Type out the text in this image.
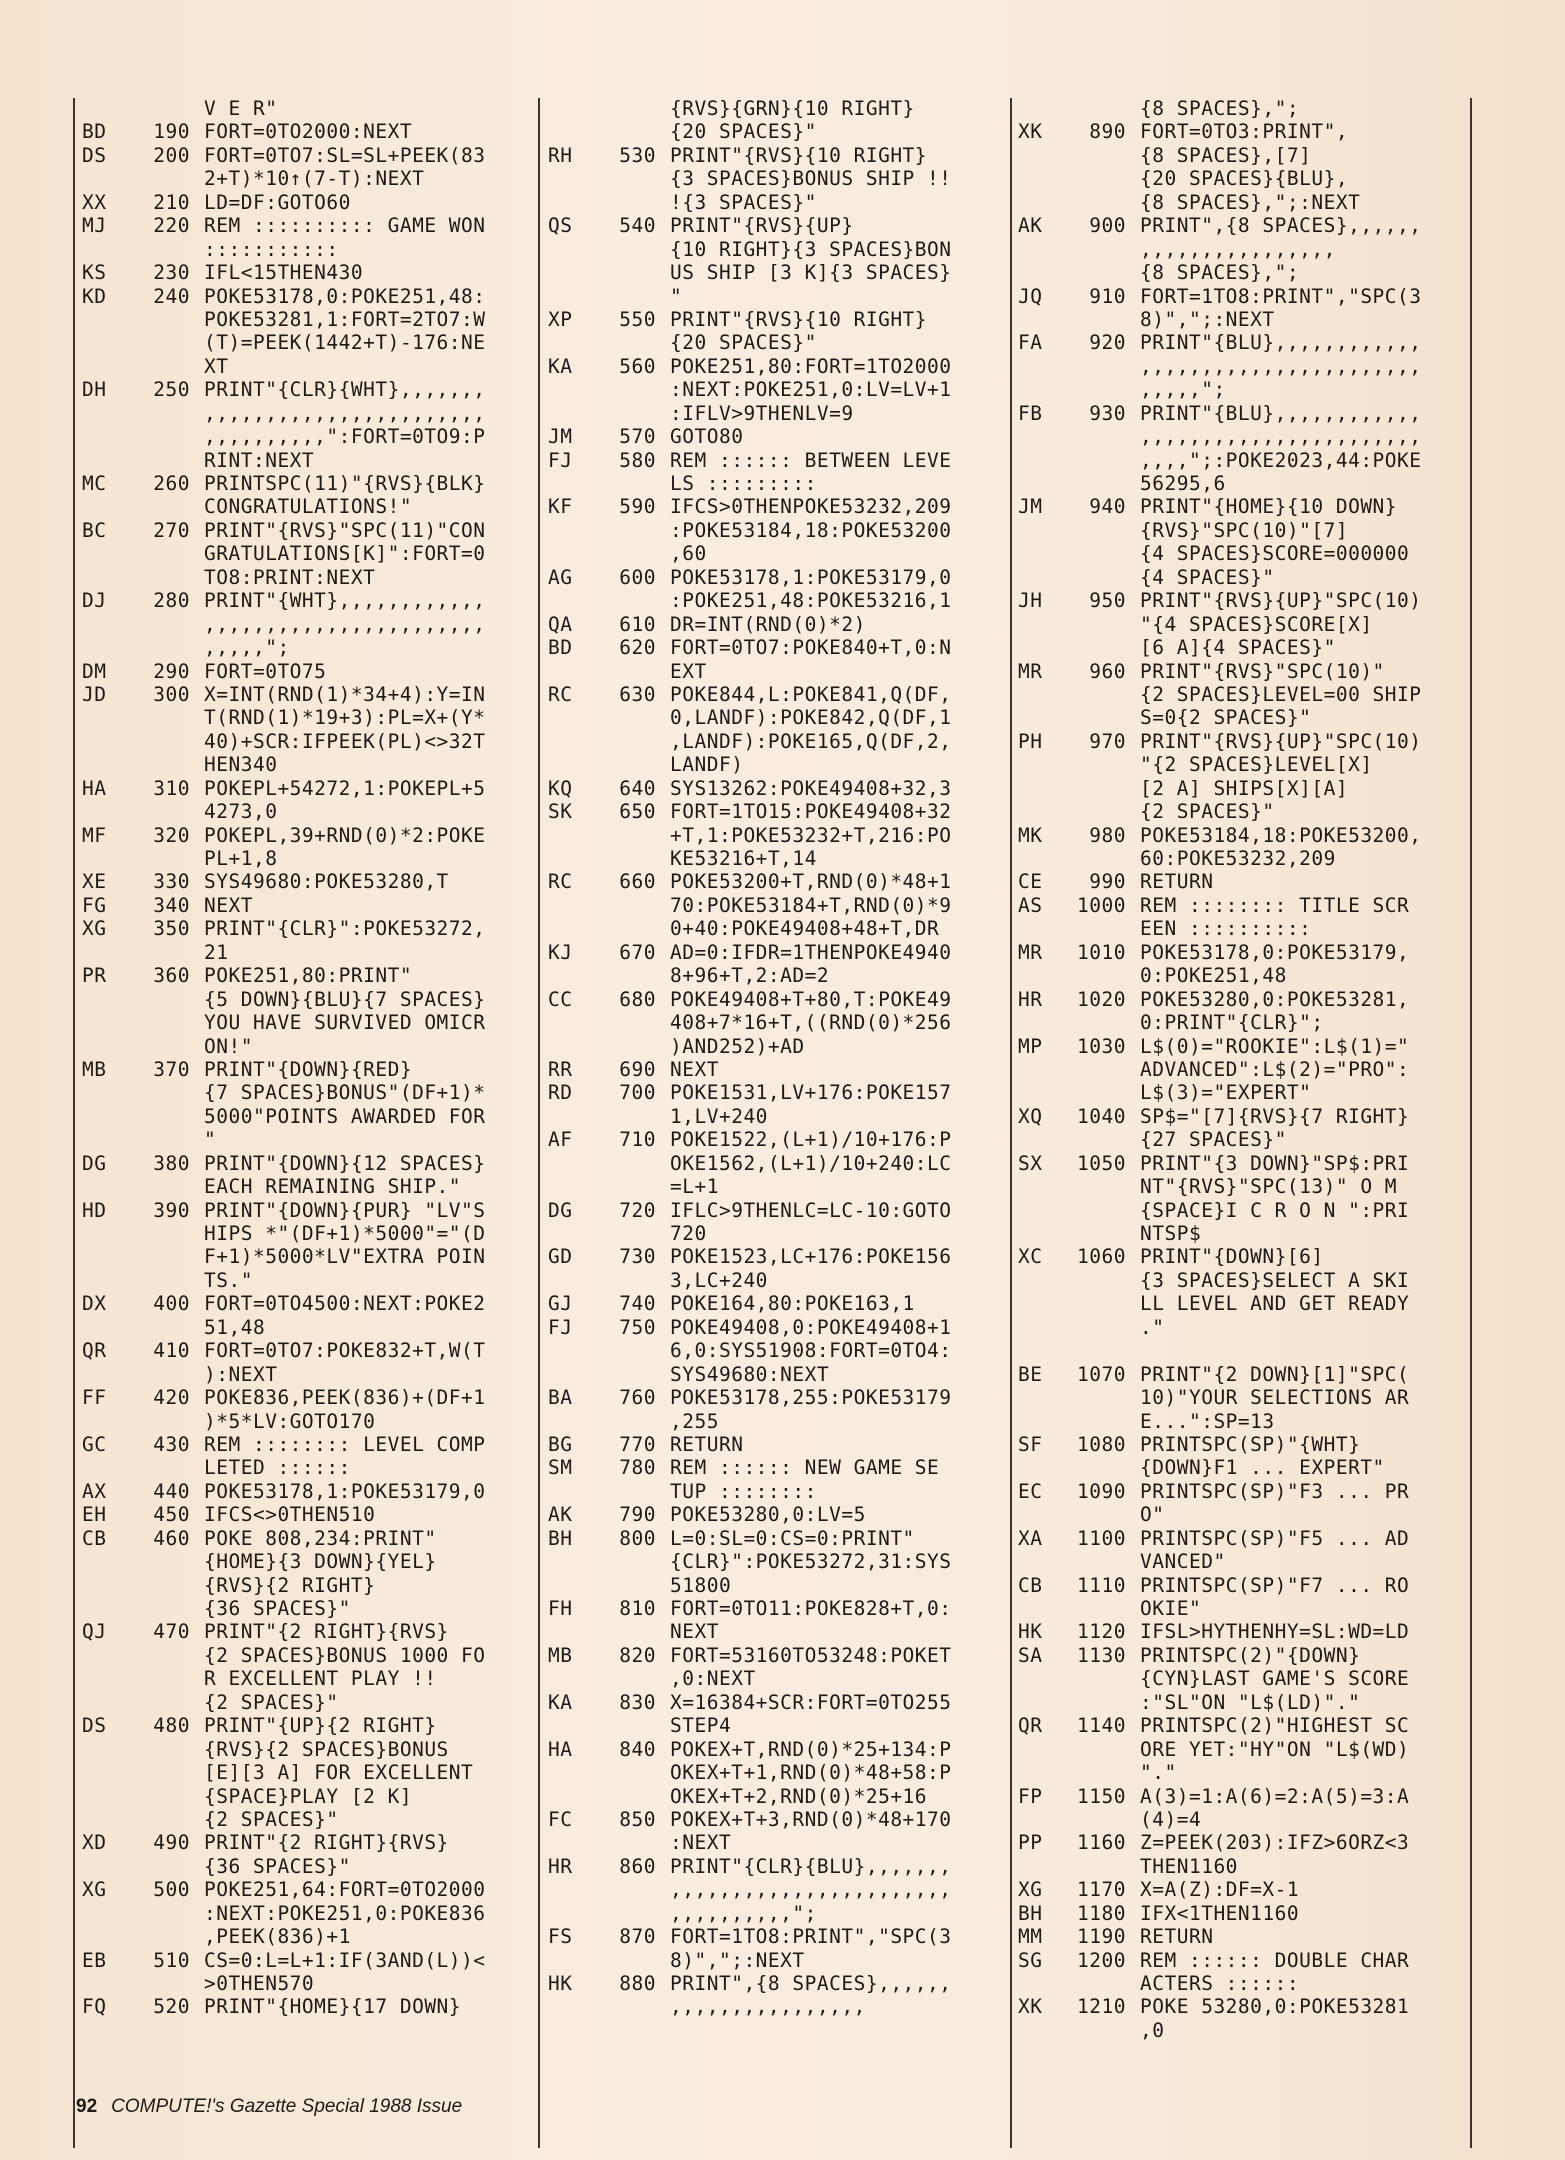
V E R"
BD	190 FORT=0TO2000:NEXT
DS	200 FORT=0TO7:SL=SL+PEEK(83
2+T)*10↑(7-T):NEXT
XX	210 LD=DF:GOTO60
MJ	220 REM :::::::::: GAME WON
:::::::::::
KS	230 IFL<15THEN430
KD	240 POKE53178,0:POKE251,48:
POKE53281,1:FORT=2TO7:W
(T)=PEEK(1442+T)-176:NE
XT
DH	250 PRINT"{CLR}{WHT},,,,,,,
,,,,,,,,,,,,,,,,,,,,,,,
,,,,,,,,,,":FORT=0TO9:P
RINT:NEXT
MC	260 PRINTSPC(11)"{RVS}{BLK}
CONGRATULATIONS!"
BC	270 PRINT"{RVS}"SPC(11)"CON
GRATULATIONS[K]":FORT=0
TO8:PRINT:NEXT
DJ	280 PRINT"{WHT},,,,,,,,,,,,
,,,,,,,,,,,,,,,,,,,,,,,
,,,,,";
DM	290 FORT=0TO75
JD	300 X=INT(RND(1)*34+4):Y=IN
T(RND(1)*19+3):PL=X+(Y*
40)+SCR:IFPEEK(PL)<>32T
HEN340
HA	310 POKEPL+54272,1:POKEPL+5
4273,0
MF	320 POKEPL,39+RND(0)*2:POKE
PL+1,8
XE	330 SYS49680:POKE53280,T
FG	340 NEXT
XG	350 PRINT"{CLR}":POKE53272,
21
PR	360 POKE251,80:PRINT"
{5 DOWN}{BLU}{7 SPACES}
YOU HAVE SURVIVED OMICR
ON!"
MB	370 PRINT"{DOWN}{RED}
{7 SPACES}BONUS"(DF+1)*
5000"POINTS AWARDED FOR
"
DG	380 PRINT"{DOWN}{12 SPACES}
EACH REMAINING SHIP."
HD	390 PRINT"{DOWN}{PUR} "LV"S
HIPS *"(DF+1)*5000"="(D
F+1)*5000*LV"EXTRA POIN
TS."
DX	400 FORT=0TO4500:NEXT:POKE2
51,48
QR	410 FORT=0TO7:POKE832+T,W(T
):NEXT
FF	420 POKE836,PEEK(836)+(DF+1
)*5*LV:GOTO170
GC	430 REM :::::::: LEVEL COMP
LETED ::::::
AX	440 POKE53178,1:POKE53179,0
EH	450 IFCS<>0THEN510
CB	460 POKE 808,234:PRINT"
{HOME}{3 DOWN}{YEL}
{RVS}{2 RIGHT}
{36 SPACES}"
QJ	470 PRINT"{2 RIGHT}{RVS}
{2 SPACES}BONUS 1000 FO
R EXCELLENT PLAY !!
{2 SPACES}"
DS	480 PRINT"{UP}{2 RIGHT}
{RVS}{2 SPACES}BONUS
[E][3 A] FOR EXCELLENT
{SPACE}PLAY [2 K]
{2 SPACES}"
XD	490 PRINT"{2 RIGHT}{RVS}
{36 SPACES}"
XG	500 POKE251,64:FORT=0TO2000
:NEXT:POKE251,0:POKE836
,PEEK(836)+1
EB	510 CS=0:L=L+1:IF(3AND(L))<
>0THEN570
FQ	520 PRINT"{HOME}{17 DOWN}
{RVS}{GRN}{10 RIGHT}
{20 SPACES}"
RH	530 PRINT"{RVS}{10 RIGHT}
{3 SPACES}BONUS SHIP !!
!{3 SPACES}"
QS	540 PRINT"{RVS}{UP}
{10 RIGHT}{3 SPACES}BON
US SHIP [3 K]{3 SPACES}
"
XP	550 PRINT"{RVS}{10 RIGHT}
{20 SPACES}"
KA	560 POKE251,80:FORT=1TO2000
:NEXT:POKE251,0:LV=LV+1
:IFLV>9THENLV=9
JM	570 GOTO80
FJ	580 REM :::::: BETWEEN LEVE
LS :::::::::
KF	590 IFCS>0THENPOKE53232,209
:POKE53184,18:POKE53200
,60
AG	600 POKE53178,1:POKE53179,0
:POKE251,48:POKE53216,1
QA	610 DR=INT(RND(0)*2)
BD	620 FORT=0TO7:POKE840+T,0:N
EXT
RC	630 POKE844,L:POKE841,Q(DF,
0,LANDF):POKE842,Q(DF,1
,LANDF):POKE165,Q(DF,2,
LANDF)
KQ	640 SYS13262:POKE49408+32,3
SK	650 FORT=1TO15:POKE49408+32
+T,1:POKE53232+T,216:PO
KE53216+T,14
RC	660 POKE53200+T,RND(0)*48+1
70:POKE53184+T,RND(0)*9
0+40:POKE49408+48+T,DR
KJ	670 AD=0:IFDR=1THENPOKE4940
8+96+T,2:AD=2
CC	680 POKE49408+T+80,T:POKE49
408+7*16+T,((RND(0)*256
)AND252)+AD
RR	690 NEXT
RD	700 POKE1531,LV+176:POKE157
1,LV+240
AF	710 POKE1522,(L+1)/10+176:P
OKE1562,(L+1)/10+240:LC
=L+1
DG	720 IFLC>9THENLC=LC-10:GOTO
720
GD	730 POKE1523,LC+176:POKE156
3,LC+240
GJ	740 POKE164,80:POKE163,1
FJ	750 POKE49408,0:POKE49408+1
6,0:SYS51908:FORT=0TO4:
SYS49680:NEXT
BA	760 POKE53178,255:POKE53179
,255
BG	770 RETURN
SM	780 REM :::::: NEW GAME SE
TUP ::::::::
AK	790 POKE53280,0:LV=5
BH	800 L=0:SL=0:CS=0:PRINT"
{CLR}":POKE53272,31:SYS
51800
FH	810 FORT=0TO11:POKE828+T,0:
NEXT
MB	820 FORT=53160TO53248:POKET
,0:NEXT
KA	830 X=16384+SCR:FORT=0TO255
STEP4
HA	840 POKEX+T,RND(0)*25+134:P
OKEX+T+1,RND(0)*48+58:P
OKEX+T+2,RND(0)*25+16
FC	850 POKEX+T+3,RND(0)*48+170
:NEXT
HR	860 PRINT"{CLR}{BLU},,,,,,,
,,,,,,,,,,,,,,,,,,,,,,,
,,,,,,,,,,";
FS	870 FORT=1TO8:PRINT","SPC(3
8)",";:NEXT
HK	880 PRINT",{8 SPACES},,,,,,
,,,,,,,,,,,,,,,,
{8 SPACES},";
XK	890 FORT=0TO3:PRINT",
{8 SPACES},[7]
{20 SPACES}{BLU},
{8 SPACES},";:NEXT
AK	900 PRINT",{8 SPACES},,,,,,
,,,,,,,,,,,,,,,,
{8 SPACES},";
JQ	910 FORT=1TO8:PRINT","SPC(3
8)",";:NEXT
FA	920 PRINT"{BLU},,,,,,,,,,,,
,,,,,,,,,,,,,,,,,,,,,,,
,,,,,";
FB	930 PRINT"{BLU},,,,,,,,,,,,
,,,,,,,,,,,,,,,,,,,,,,,
,,,,";:POKE2023,44:POKE
56295,6
JM	940 PRINT"{HOME}{10 DOWN}
{RVS}"SPC(10)"[7]
{4 SPACES}SCORE=000000
{4 SPACES}"
JH	950 PRINT"{RVS}{UP}"SPC(10)
"{4 SPACES}SCORE[X]
[6 A]{4 SPACES}"
MR	960 PRINT"{RVS}"SPC(10)"
{2 SPACES}LEVEL=00 SHIP
S=0{2 SPACES}"
PH	970 PRINT"{RVS}{UP}"SPC(10)
"{2 SPACES}LEVEL[X]
[2 A] SHIPS[X][A]
{2 SPACES}"
MK	980 POKE53184,18:POKE53200,
60:POKE53232,209
CE	990 RETURN
AS	1000 REM :::::::: TITLE SCR
EEN ::::::::::
MR	1010 POKE53178,0:POKE53179,
0:POKE251,48
HR	1020 POKE53280,0:POKE53281,
0:PRINT"{CLR}";
MP	1030 L$(0)="ROOKIE":L$(1)="
ADVANCED":L$(2)="PRO":
L$(3)="EXPERT"
XQ	1040 SP$="[7]{RVS}{7 RIGHT}
{27 SPACES}"
SX	1050 PRINT"{3 DOWN}"SP$:PRI
NT"{RVS}"SPC(13)" O M
{SPACE}I C R O N ":PRI
NTSP$
XC	1060 PRINT"{DOWN}[6]
{3 SPACES}SELECT A SKI
LL LEVEL AND GET READY
."
BE	1070 PRINT"{2 DOWN}[1]"SPC(
10)"YOUR SELECTIONS AR
E...":SP=13
SF	1080 PRINTSPC(SP)"{WHT}
{DOWN}F1 ... EXPERT"
EC	1090 PRINTSPC(SP)"F3 ... PR
O"
XA	1100 PRINTSPC(SP)"F5 ... AD
VANCED"
CB	1110 PRINTSPC(SP)"F7 ... RO
OKIE"
HK	1120 IFSL>HYTHENHY=SL:WD=LD
SA	1130 PRINTSPC(2)"{DOWN}
{CYN}LAST GAME'S SCORE
:"SL"ON "L$(LD)"."
QR	1140 PRINTSPC(2)"HIGHEST SC
ORE YET:"HY"ON "L$(WD)
"."
FP	1150 A(3)=1:A(6)=2:A(5)=3:A
(4)=4
PP	1160 Z=PEEK(203):IFZ>6ORZ<3
THEN1160
XG	1170 X=A(Z):DF=X-1
BH	1180 IFX<1THEN1160
MM	1190 RETURN
SG	1200 REM :::::: DOUBLE CHAR
ACTERS ::::::
XK	1210 POKE 53280,0:POKE53281
,0
92 COMPUTE!'s Gazette Special 1988 Issue
